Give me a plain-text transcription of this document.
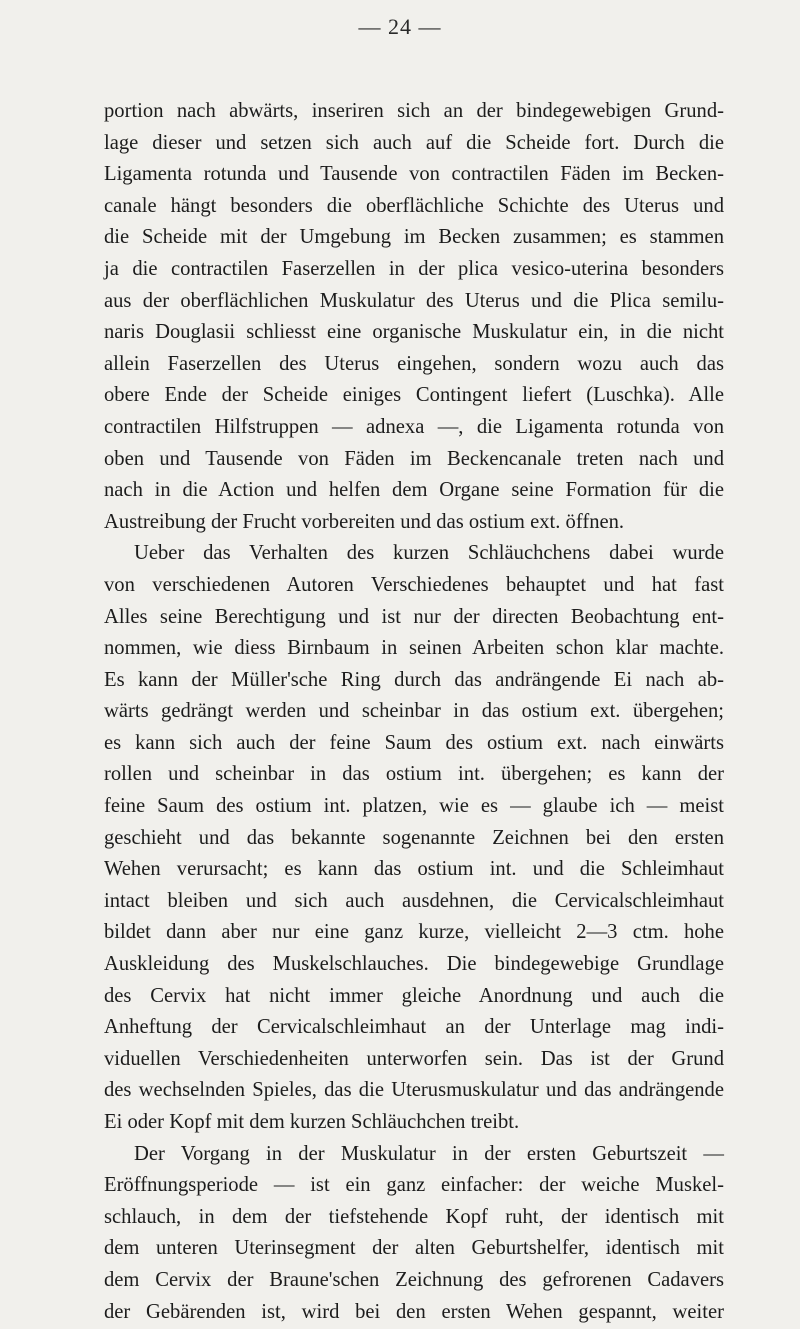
— 24 —
portion nach abwärts, inseriren sich an der bindegewebigen Grund-
lage dieser und setzen sich auch auf die Scheide fort. Durch die
Ligamenta rotunda und Tausende von contractilen Fäden im Becken-
canale hängt besonders die oberflächliche Schichte des Uterus und
die Scheide mit der Umgebung im Becken zusammen; es stammen
ja die contractilen Faserzellen in der plica vesico-uterina besonders
aus der oberflächlichen Muskulatur des Uterus und die Plica semilu-
naris Douglasii schliesst eine organische Muskulatur ein, in die nicht
allein Faserzellen des Uterus eingehen, sondern wozu auch das
obere Ende der Scheide einiges Contingent liefert (Luschka). Alle
contractilen Hilfstruppen — adnexa —, die Ligamenta rotunda von
oben und Tausende von Fäden im Beckencanale treten nach und
nach in die Action und helfen dem Organe seine Formation für die
Austreibung der Frucht vorbereiten und das ostium ext. öffnen.
Ueber das Verhalten des kurzen Schläuchchens dabei wurde
von verschiedenen Autoren Verschiedenes behauptet und hat fast
Alles seine Berechtigung und ist nur der directen Beobachtung ent-
nommen, wie diess Birnbaum in seinen Arbeiten schon klar machte.
Es kann der Müller'sche Ring durch das andrängende Ei nach ab-
wärts gedrängt werden und scheinbar in das ostium ext. übergehen;
es kann sich auch der feine Saum des ostium ext. nach einwärts
rollen und scheinbar in das ostium int. übergehen; es kann der
feine Saum des ostium int. platzen, wie es — glaube ich — meist
geschieht und das bekannte sogenannte Zeichnen bei den ersten
Wehen verursacht; es kann das ostium int. und die Schleimhaut
intact bleiben und sich auch ausdehnen, die Cervicalschleimhaut
bildet dann aber nur eine ganz kurze, vielleicht 2—3 ctm. hohe
Auskleidung des Muskelschlauches. Die bindegewebige Grundlage
des Cervix hat nicht immer gleiche Anordnung und auch die
Anheftung der Cervicalschleimhaut an der Unterlage mag indi-
viduellen Verschiedenheiten unterworfen sein. Das ist der Grund
des wechselnden Spieles, das die Uterusmuskulatur und das andrängende
Ei oder Kopf mit dem kurzen Schläuchchen treibt.
Der Vorgang in der Muskulatur in der ersten Geburtszeit —
Eröffnungsperiode — ist ein ganz einfacher: der weiche Muskel-
schlauch, in dem der tiefstehende Kopf ruht, der identisch mit
dem unteren Uterinsegment der alten Geburtshelfer, identisch mit
dem Cervix der Braune'schen Zeichnung des gefrorenen Cadavers
der Gebärenden ist, wird bei den ersten Wehen gespannt, weiter
